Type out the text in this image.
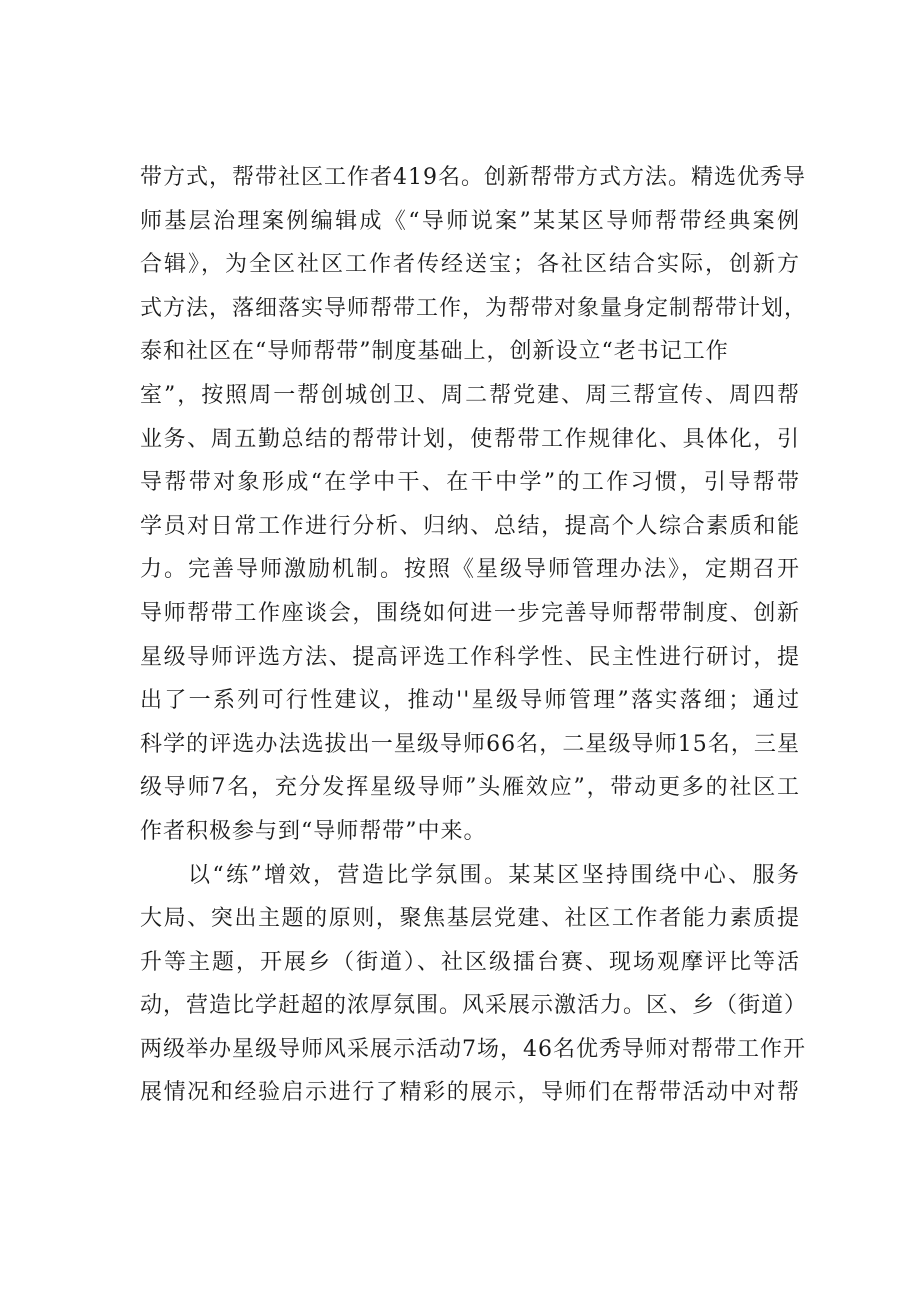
带方式，帮带社区工作者419名。创新帮带方式方法。精选优秀导
师基层治理案例编辑成《“导师说案”某某区导师帮带经典案例
合辑》，为全区社区工作者传经送宝；各社区结合实际，创新方
式方法，落细落实导师帮带工作，为帮带对象量身定制帮带计划，
泰和社区在“导师帮带”制度基础上，创新设立“老书记工作
室”，按照周一帮创城创卫、周二帮党建、周三帮宣传、周四帮
业务、周五勤总结的帮带计划，使帮带工作规律化、具体化，引
导帮带对象形成“在学中干、在干中学”的工作习惯，引导帮带
学员对日常工作进行分析、归纳、总结，提高个人综合素质和能
力。完善导师激励机制。按照《星级导师管理办法》，定期召开
导师帮带工作座谈会，围绕如何进一步完善导师帮带制度、创新
星级导师评选方法、提高评选工作科学性、民主性进行研讨，提
出了一系列可行性建议，推动''星级导师管理”落实落细；通过
科学的评选办法选拔出一星级导师66名，二星级导师15名，三星
级导师7名，充分发挥星级导师”头雁效应”，带动更多的社区工
作者积极参与到“导师帮带”中来。
以“练”增效，营造比学氛围。某某区坚持围绕中心、服务
大局、突出主题的原则，聚焦基层党建、社区工作者能力素质提
升等主题，开展乡（街道）、社区级擂台赛、现场观摩评比等活
动，营造比学赶超的浓厚氛围。风采展示激活力。区、乡（街道）
两级举办星级导师风采展示活动7场，46名优秀导师对帮带工作开
展情况和经验启示进行了精彩的展示，导师们在帮带活动中对帮
